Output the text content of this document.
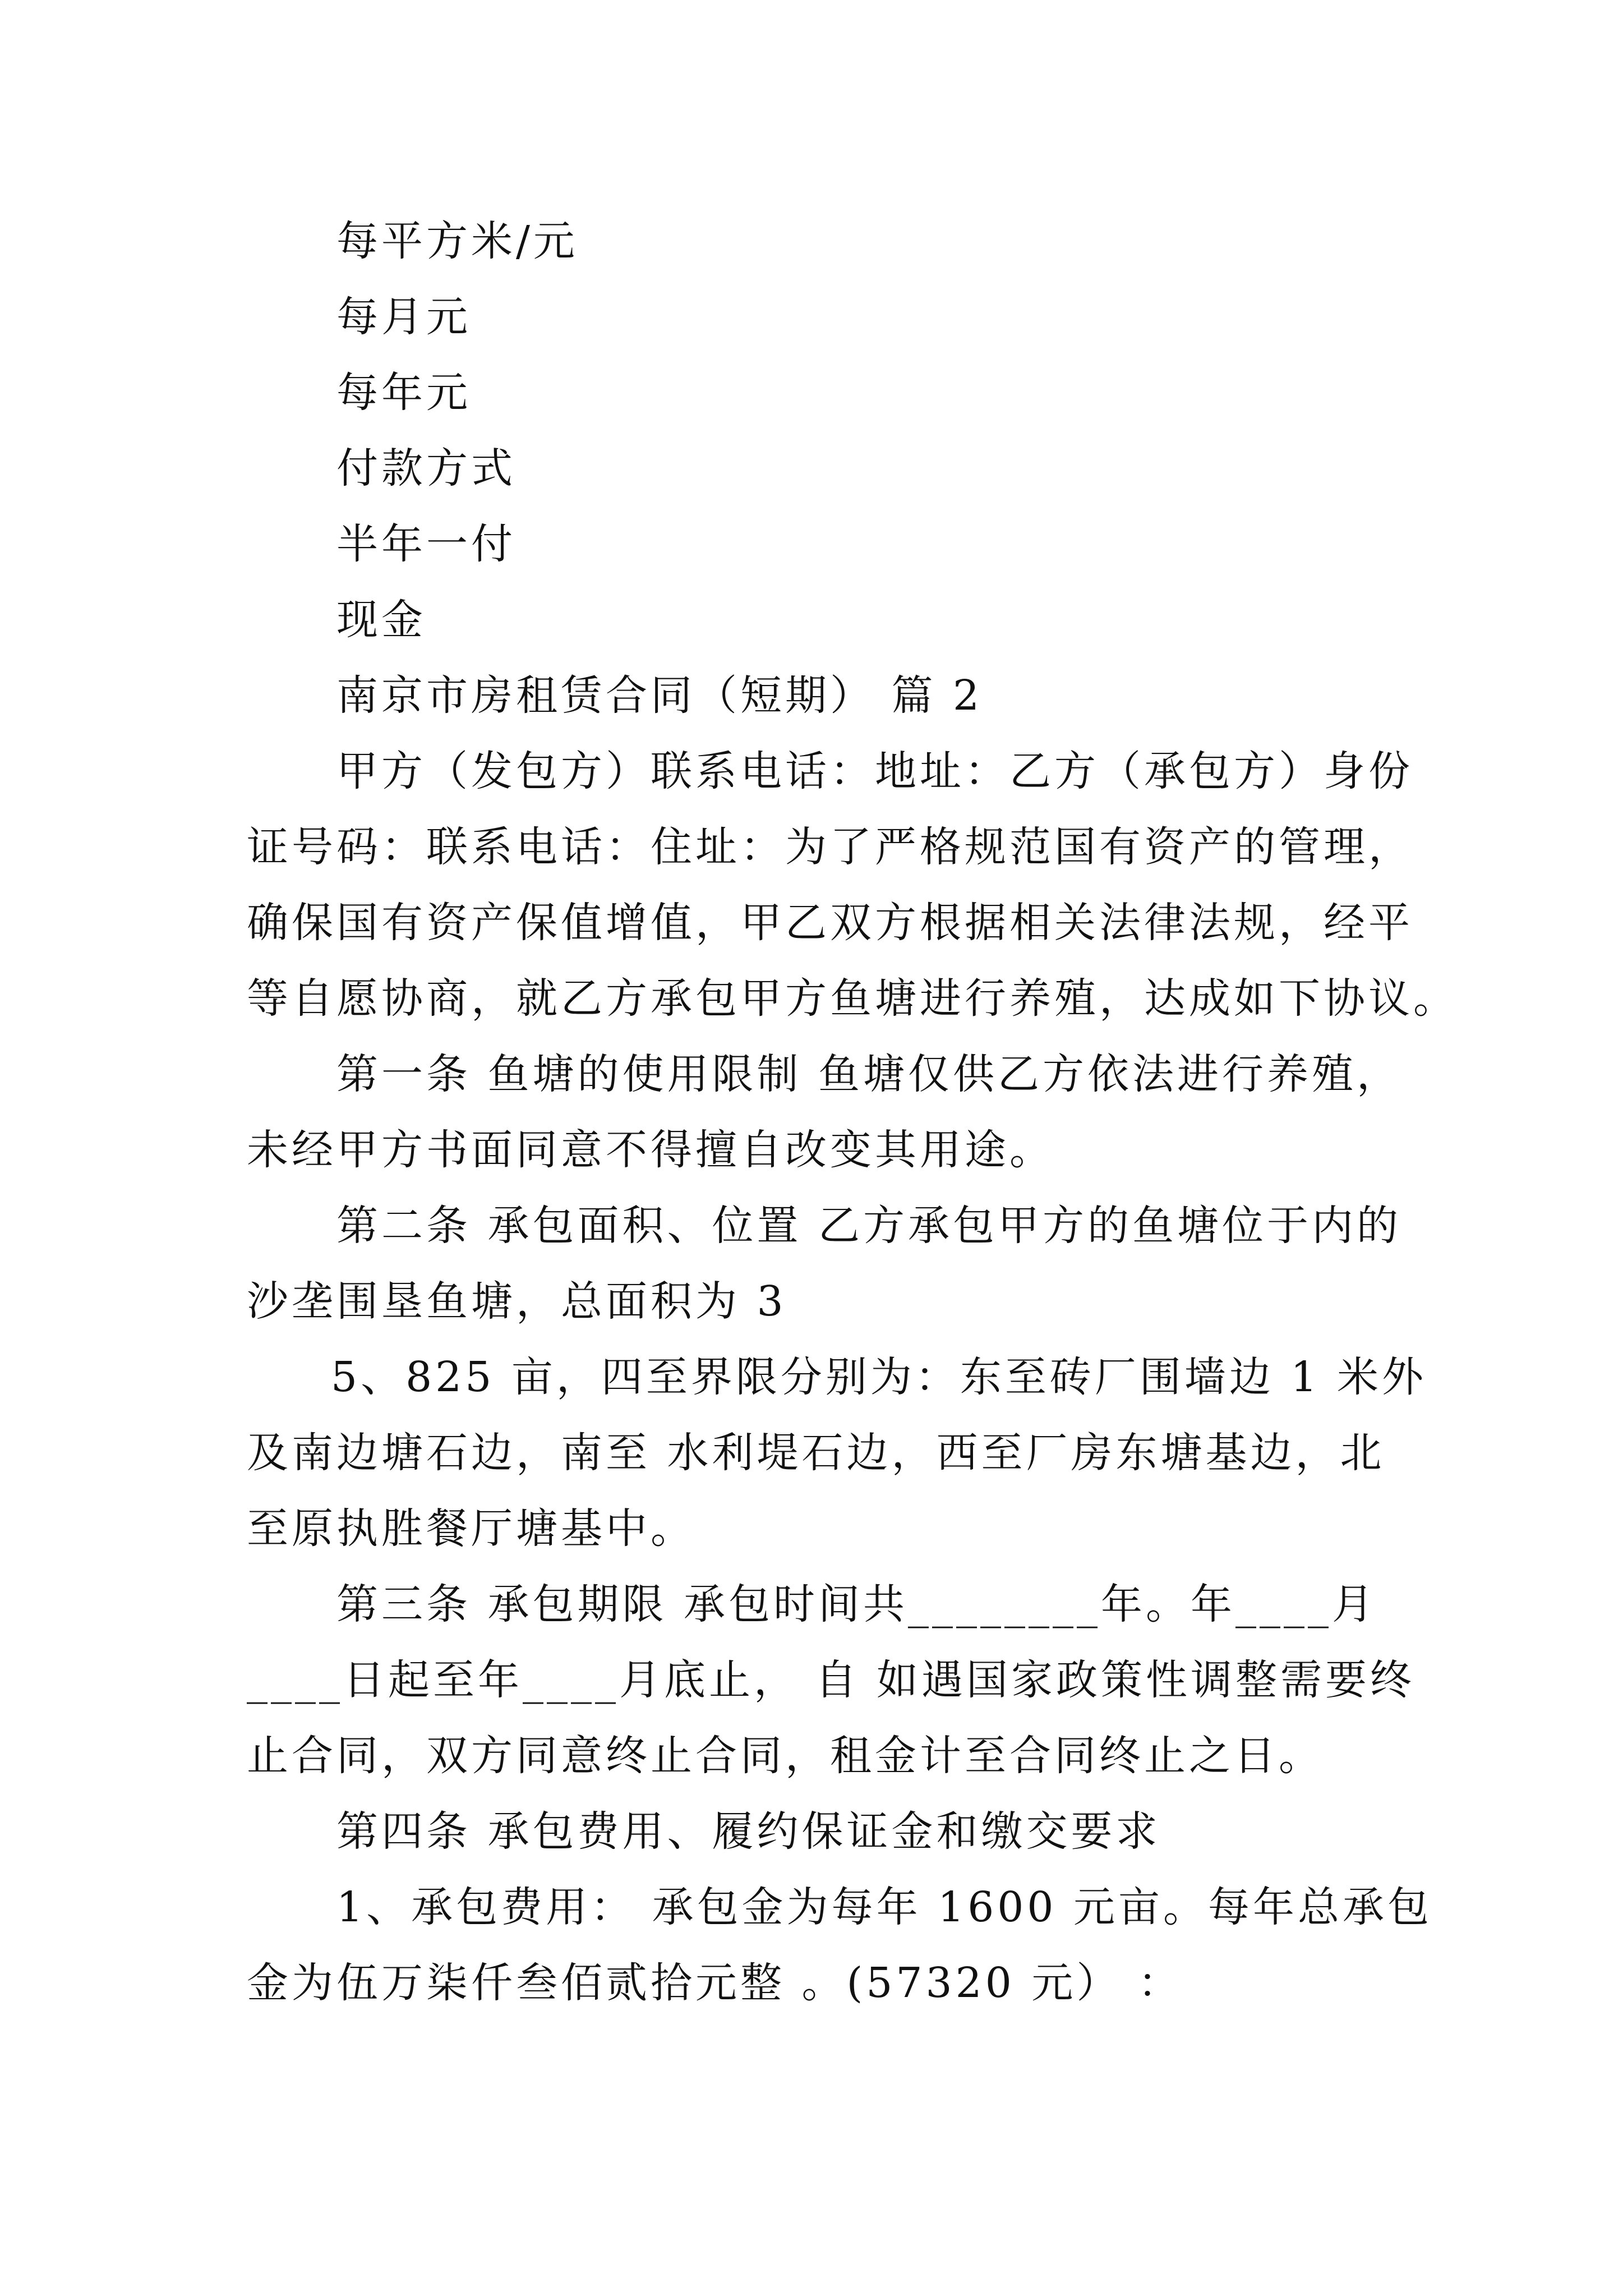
每平方米/元
每月元
每年元
付款方式
半年一付
现金
南京市房租赁合同（短期） 篇 2
甲方（发包方）联系电话：地址：乙方（承包方）身份
证号码：联系电话：住址：为了严格规范国有资产的管理，
确保国有资产保值增值，甲乙双方根据相关法律法规，经平
等自愿协商，就乙方承包甲方鱼塘进行养殖，达成如下协议。
第一条 鱼塘的使用限制 鱼塘仅供乙方依法进行养殖，
未经甲方书面同意不得擅自改变其用途。
第二条 承包面积、位置 乙方承包甲方的鱼塘位于内的
沙垄围垦鱼塘，总面积为 3
5、825 亩，四至界限分别为：东至砖厂围墙边 1 米外
及南边塘石边，南至 水利堤石边，西至厂房东塘基边，北
至原执胜餐厅塘基中。
第三条 承包期限 承包时间共________年。年____月
____日起至年____月底止， 自 如遇国家政策性调整需要终
止合同，双方同意终止合同，租金计至合同终止之日。
第四条 承包费用、履约保证金和缴交要求
1、承包费用： 承包金为每年 1600 元亩。每年总承包
金为伍万柒仟叁佰贰拾元整 。(57320 元） ：
